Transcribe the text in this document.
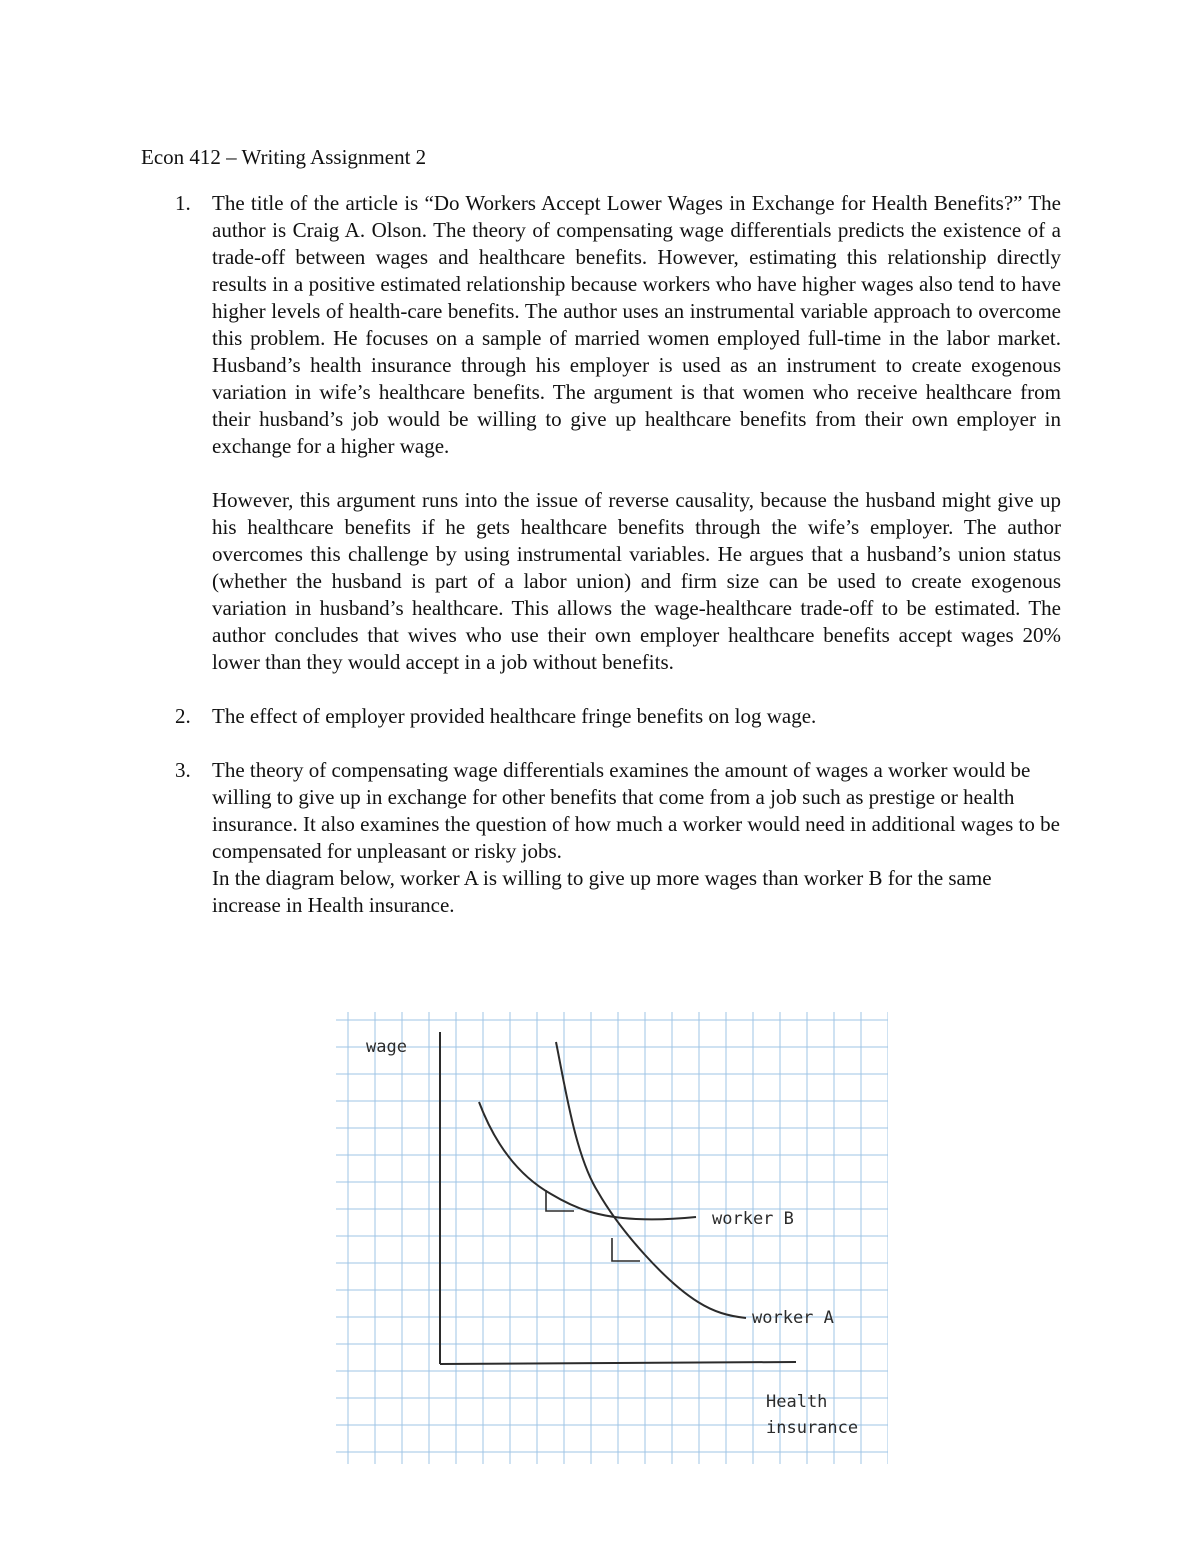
Econ 412 – Writing Assignment 2
1. The title of the article is “Do Workers Accept Lower Wages in Exchange for Health Benefits?” The author is Craig A. Olson. The theory of compensating wage differentials predicts the existence of a trade-off between wages and healthcare benefits. However, estimating this relationship directly results in a positive estimated relationship because workers who have higher wages also tend to have higher levels of health-care benefits. The author uses an instrumental variable approach to overcome this problem. He focuses on a sample of married women employed full-time in the labor market. Husband’s health insurance through his employer is used as an instrument to create exogenous variation in wife’s healthcare benefits. The argument is that women who receive healthcare from their husband’s job would be willing to give up healthcare benefits from their own employer in exchange for a higher wage.

However, this argument runs into the issue of reverse causality, because the husband might give up his healthcare benefits if he gets healthcare benefits through the wife’s employer. The author overcomes this challenge by using instrumental variables. He argues that a husband’s union status (whether the husband is part of a labor union) and firm size can be used to create exogenous variation in husband’s healthcare. This allows the wage-healthcare trade-off to be estimated. The author concludes that wives who use their own employer healthcare benefits accept wages 20% lower than they would accept in a job without benefits.

2. The effect of employer provided healthcare fringe benefits on log wage.

3. The theory of compensating wage differentials examines the amount of wages a worker would be willing to give up in exchange for other benefits that come from a job such as prestige or health insurance. It also examines the question of how much a worker would need in additional wages to be compensated for unpleasant or risky jobs.

In the diagram below, worker A is willing to give up more wages than worker B for the same increase in Health insurance.

wage
worker B
worker A
Health
insurance
